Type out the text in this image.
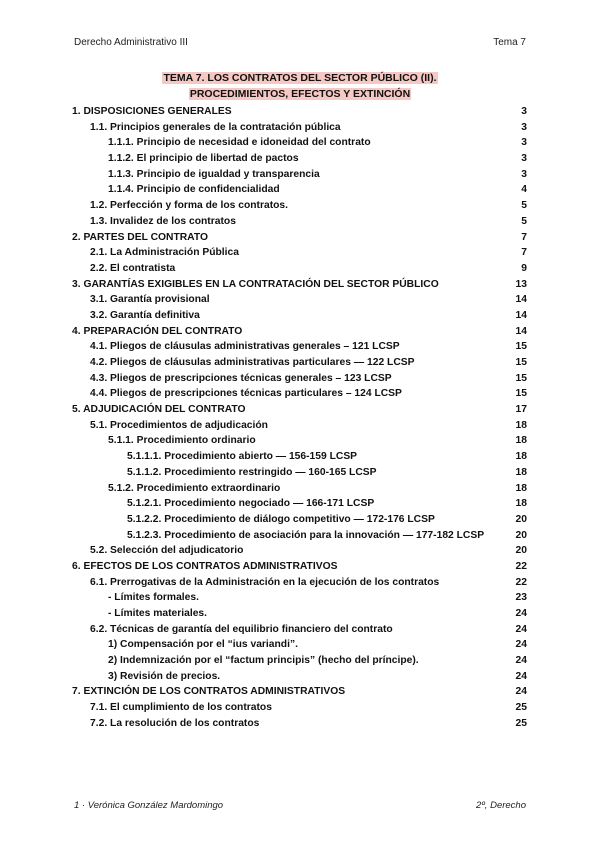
Derecho Administrativo III	Tema 7
TEMA 7. LOS CONTRATOS DEL SECTOR PÚBLICO (II).
PROCEDIMIENTOS, EFECTOS Y EXTINCIÓN
1. DISPOSICIONES GENERALES	3
1.1. Principios generales de la contratación pública	3
1.1.1. Principio de necesidad e idoneidad del contrato	3
1.1.2. El principio de libertad de pactos	3
1.1.3. Principio de igualdad y transparencia	3
1.1.4. Principio de confidencialidad	4
1.2. Perfección y forma de los contratos.	5
1.3. Invalidez de los contratos	5
2. PARTES DEL CONTRATO	7
2.1. La Administración Pública	7
2.2. El contratista	9
3. GARANTÍAS EXIGIBLES EN LA CONTRATACIÓN DEL SECTOR PÚBLICO	13
3.1. Garantía provisional	14
3.2. Garantía definitiva	14
4. PREPARACIÓN DEL CONTRATO	14
4.1. Pliegos de cláusulas administrativas generales – 121 LCSP	15
4.2. Pliegos de cláusulas administrativas particulares — 122 LCSP	15
4.3. Pliegos de prescripciones técnicas generales – 123 LCSP	15
4.4. Pliegos de prescripciones técnicas particulares – 124 LCSP	15
5. ADJUDICACIÓN DEL CONTRATO	17
5.1. Procedimientos de adjudicación	18
5.1.1. Procedimiento ordinario	18
5.1.1.1. Procedimiento abierto — 156-159 LCSP	18
5.1.1.2. Procedimiento restringido — 160-165 LCSP	18
5.1.2. Procedimiento extraordinario	18
5.1.2.1. Procedimiento negociado — 166-171 LCSP	18
5.1.2.2. Procedimiento de diálogo competitivo — 172-176 LCSP	20
5.1.2.3. Procedimiento de asociación para la innovación — 177-182 LCSP	20
5.2. Selección del adjudicatorio	20
6. EFECTOS DE LOS CONTRATOS ADMINISTRATIVOS	22
6.1. Prerrogativas de la Administración en la ejecución de los contratos	22
- Límites formales.	23
- Límites materiales.	24
6.2. Técnicas de garantía del equilibrio financiero del contrato	24
1) Compensación por el “ius variandi”.	24
2) Indemnización por el “factum principis” (hecho del príncipe).	24
3) Revisión de precios.	24
7. EXTINCIÓN DE LOS CONTRATOS ADMINISTRATIVOS	24
7.1. El cumplimiento de los contratos	25
7.2. La resolución de los contratos	25
1 · Verónica González Mardomingo	2º, Derecho
